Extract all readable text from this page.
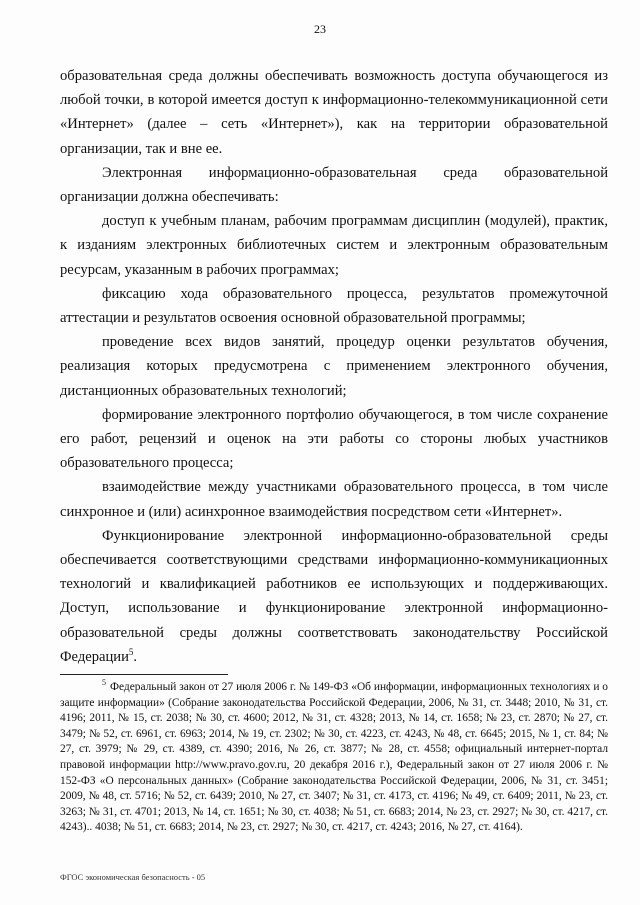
23

образовательная среда должны обеспечивать возможность доступа обучающегося из любой точки, в которой имеется доступ к информационно-телекоммуникационной сети «Интернет» (далее – сеть «Интернет»), как на территории образовательной организации, так и вне ее.

Электронная информационно-образовательная среда образовательной организации должна обеспечивать:

доступ к учебным планам, рабочим программам дисциплин (модулей), практик, к изданиям электронных библиотечных систем и электронным образовательным ресурсам, указанным в рабочих программах;

фиксацию хода образовательного процесса, результатов промежуточной аттестации и результатов освоения основной образовательной программы;

проведение всех видов занятий, процедур оценки результатов обучения, реализация которых предусмотрена с применением электронного обучения, дистанционных образовательных технологий;

формирование электронного портфолио обучающегося, в том числе сохранение его работ, рецензий и оценок на эти работы со стороны любых участников образовательного процесса;

взаимодействие между участниками образовательного процесса, в том числе синхронное и (или) асинхронное взаимодействия посредством сети «Интернет».

Функционирование электронной информационно-образовательной среды обеспечивается соответствующими средствами информационно-коммуникационных технологий и квалификацией работников ее использующих и поддерживающих. Доступ, использование и функционирование электронной информационно-образовательной среды должны соответствовать законодательству Российской Федерации$^5$.

$^5$ Федеральный закон от 27 июля 2006 г. № 149-ФЗ «Об информации, информационных технологиях и о защите информации» (Собрание законодательства Российской Федерации, 2006, № 31, ст. 3448; 2010, № 31, ст. 4196; 2011, № 15, ст. 2038; № 30, ст. 4600; 2012, № 31, ст. 4328; 2013, № 14, ст. 1658; № 23, ст. 2870; № 27, ст. 3479; № 52, ст. 6961, ст. 6963; 2014, № 19, ст. 2302; № 30, ст. 4223, ст. 4243, № 48, ст. 6645; 2015, № 1, ст. 84; № 27, ст. 3979; № 29, ст. 4389, ст. 4390; 2016, № 26, ст. 3877; № 28, ст. 4558; официальный интернет-портал правовой информации http://www.pravo.gov.ru, 20 декабря 2016 г.), Федеральный закон от 27 июля 2006 г. № 152-ФЗ «О персональных данных» (Собрание законодательства Российской Федерации, 2006, № 31, ст. 3451; 2009, № 48, ст. 5716; № 52, ст. 6439; 2010, № 27, ст. 3407; № 31, ст. 4173, ст. 4196; № 49, ст. 6409; 2011, № 23, ст. 3263; № 31, ст. 4701; 2013, № 14, ст. 1651; № 30, ст. 4038; № 51, ст. 6683; 2014, № 23, ст. 2927; № 30, ст. 4217, ст. 4243).. 4038; № 51, ст. 6683; 2014, № 23, ст. 2927; № 30, ст. 4217, ст. 4243; 2016, № 27, ст. 4164).

ФГОС экономическая безопасность - 05
